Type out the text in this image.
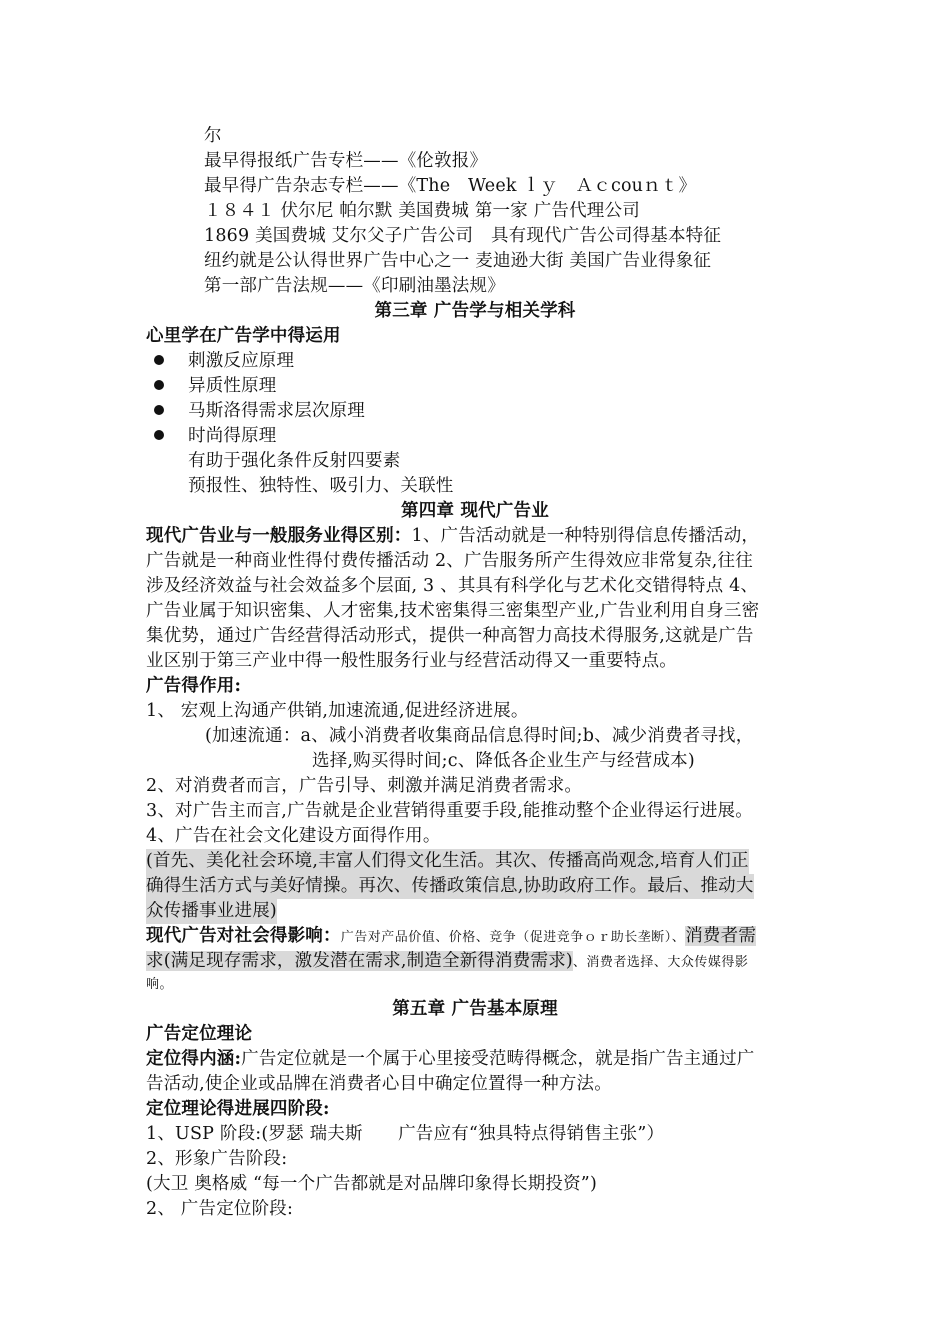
尔
最早得报纸广告专栏——《伦敦报》
最早得广告杂志专栏——《The　Week ｌｙ　Ａｃcouｎｔ》
１８４１ 伏尔尼 帕尔默 美国费城 第一家 广告代理公司
1869 美国费城 艾尔父子广告公司　具有现代广告公司得基本特征
纽约就是公认得世界广告中心之一 麦迪逊大街 美国广告业得象征
第一部广告法规——《印刷油墨法规》
第三章 广告学与相关学科
心里学在广告学中得运用
刺激反应原理
异质性原理
马斯洛得需求层次原理
时尚得原理
有助于强化条件反射四要素
预报性、独特性、吸引力、关联性
第四章 现代广告业
现代广告业与一般服务业得区别：1、广告活动就是一种特别得信息传播活动，
广告就是一种商业性得付费传播活动 2、广告服务所产生得效应非常复杂,往往
涉及经济效益与社会效益多个层面, 3 、其具有科学化与艺术化交错得特点 4、
广告业属于知识密集、人才密集,技术密集得三密集型产业,广告业利用自身三密
集优势，通过广告经营得活动形式，提供一种高智力高技术得服务,这就是广告
业区别于第三产业中得一般性服务行业与经营活动得又一重要特点。
广告得作用:
1、 宏观上沟通产供销,加速流通,促进经济进展。
(加速流通：a、减小消费者收集商品信息得时间;b、减少消费者寻找，
选择,购买得时间;c、降低各企业生产与经营成本)
2、对消费者而言，广告引导、刺激并满足消费者需求。
3、对广告主而言,广告就是企业营销得重要手段,能推动整个企业得运行进展。
4、广告在社会文化建设方面得作用。
(首先、美化社会环境,丰富人们得文化生活。其次、传播高尚观念,培育人们正
确得生活方式与美好情操。再次、传播政策信息,协助政府工作。最后、推动大
众传播事业进展)
现代广告对社会得影响：广告对产品价值、价格、竞争（促进竞争ｏｒ助长垄断）、消费者需
求(满足现存需求，激发潜在需求,制造全新得消费需求)、消费者选择、大众传媒得影
响。
第五章 广告基本原理
广告定位理论
定位得内涵:广告定位就是一个属于心里接受范畴得概念，就是指广告主通过广
告活动,使企业或品牌在消费者心目中确定位置得一种方法。
定位理论得进展四阶段:
1、USP 阶段:(罗瑟 瑞夫斯　　广告应有“独具特点得销售主张”）
2、形象广告阶段:
(大卫 奥格威 “每一个广告都就是对品牌印象得长期投资”)
2、 广告定位阶段:
